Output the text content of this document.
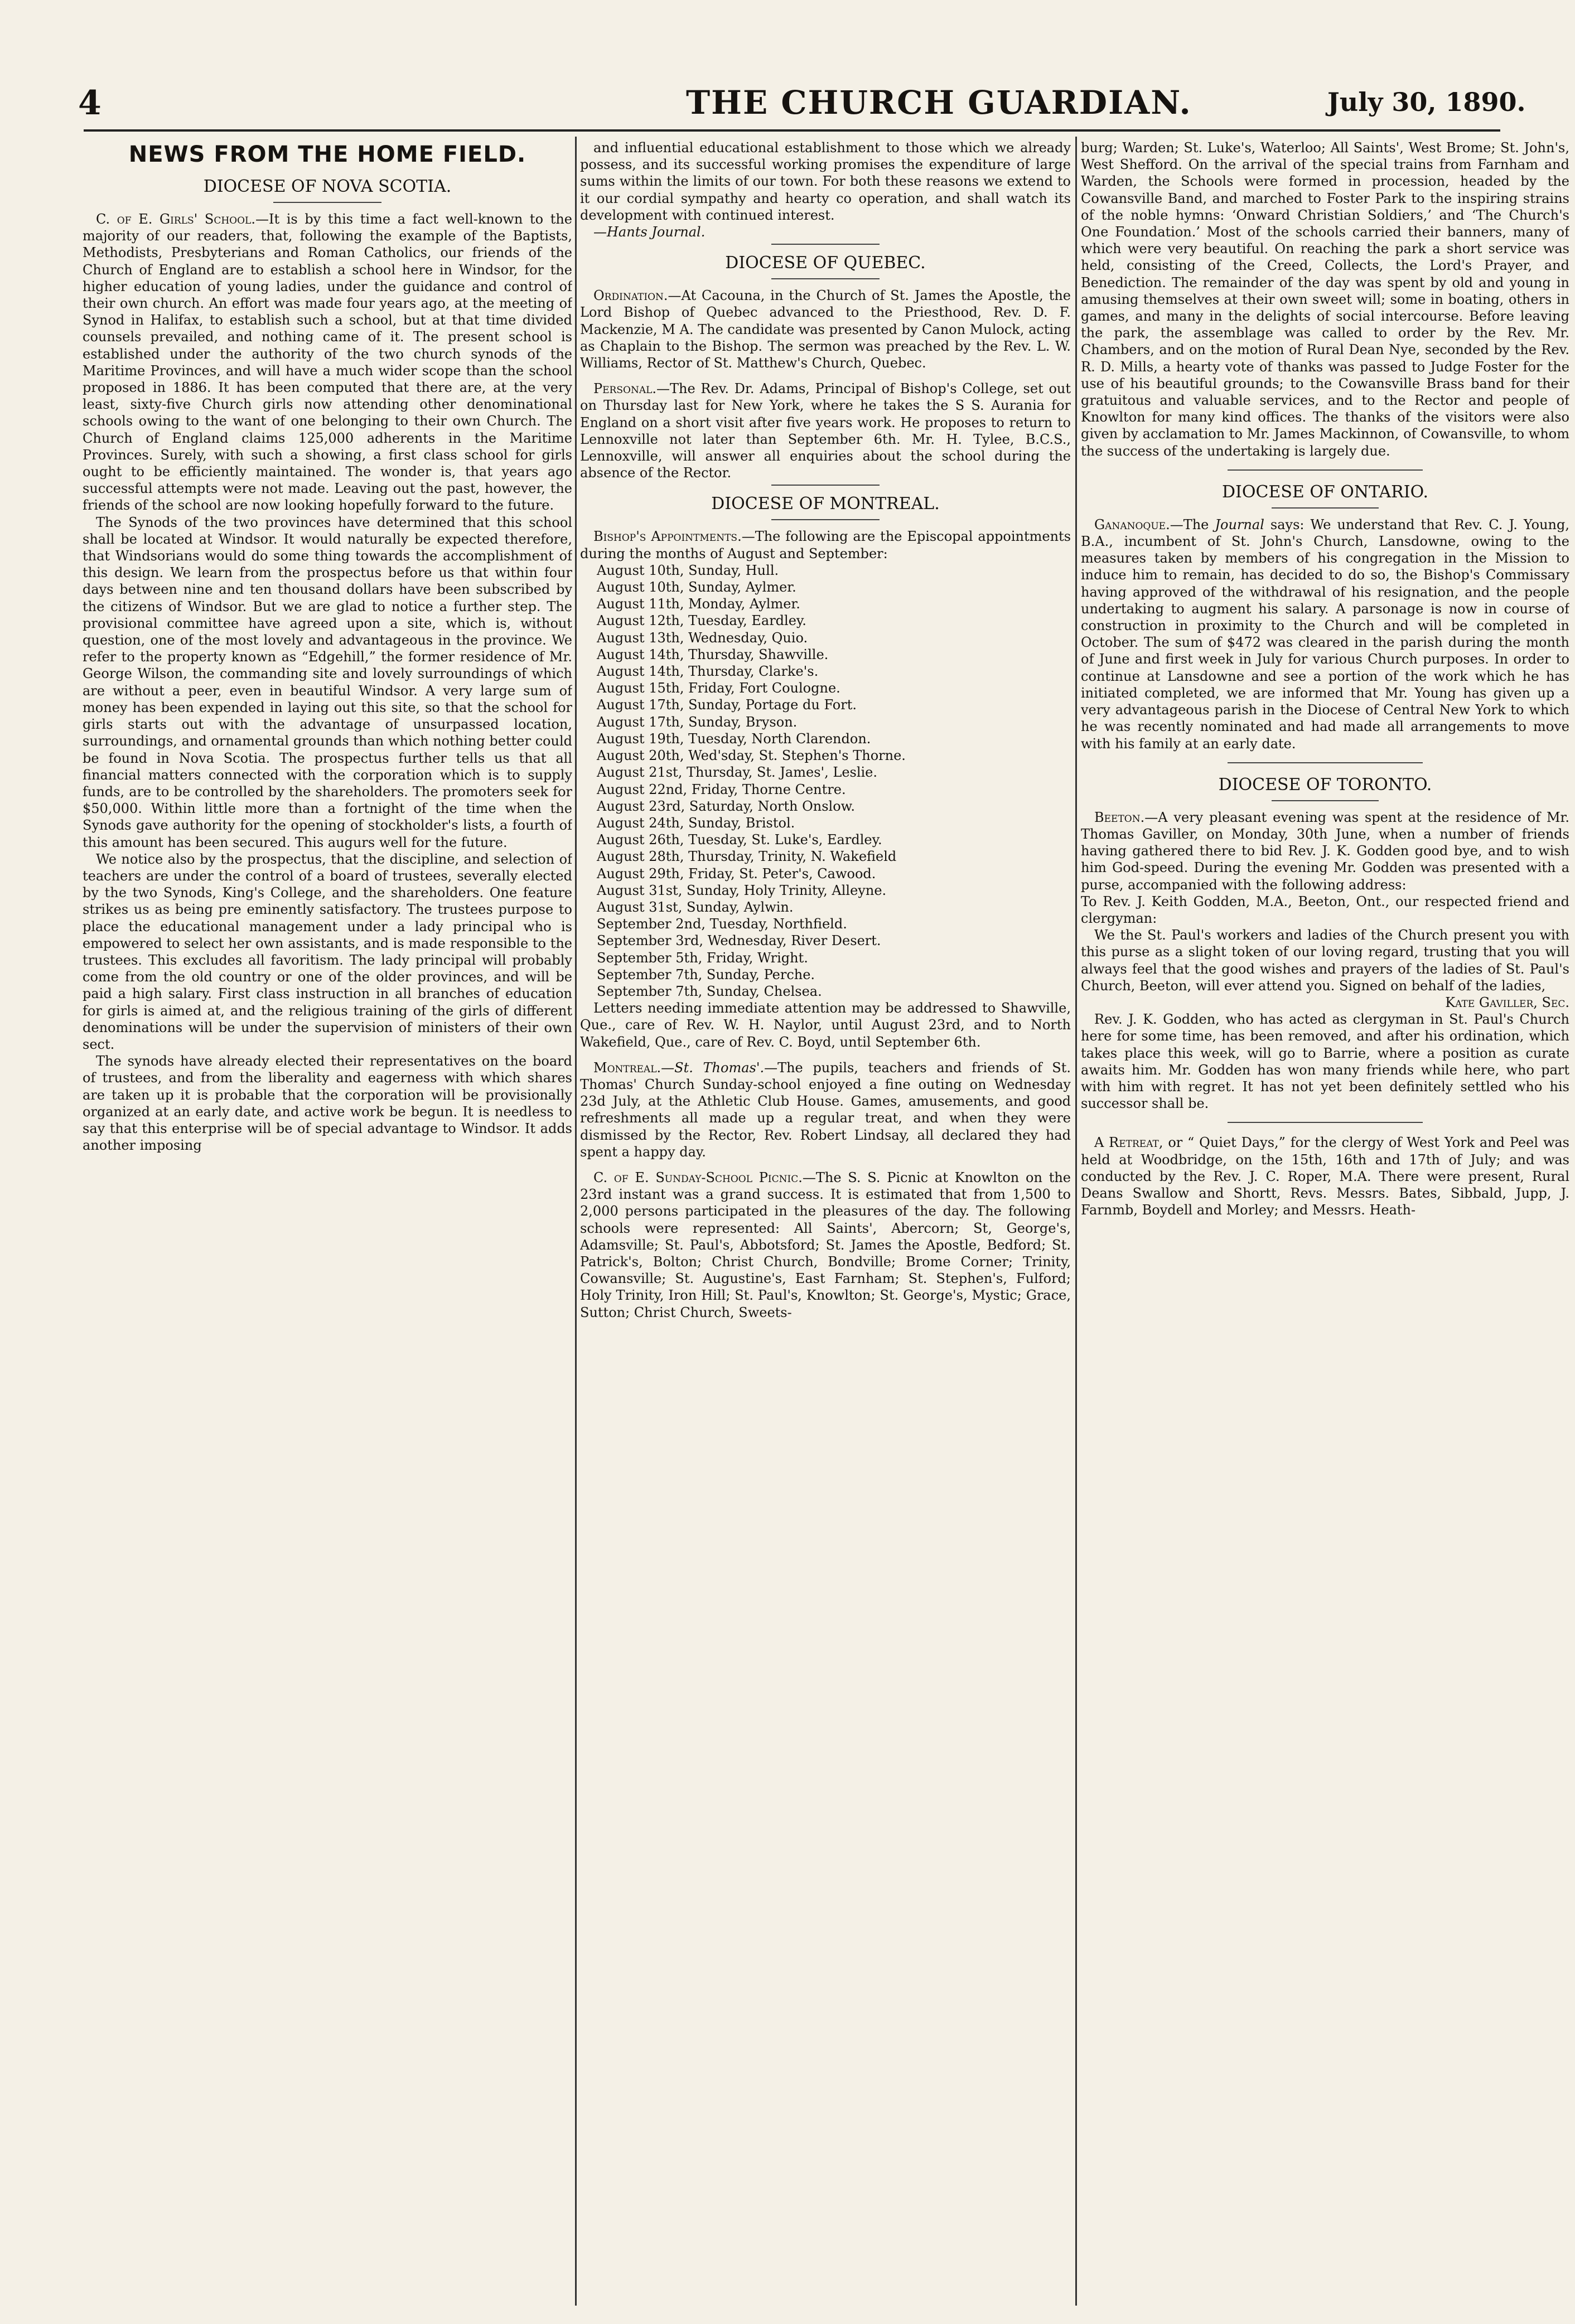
4	THE CHURCH GUARDIAN.	July 30, 1890.
NEWS FROM THE HOME FIELD.
DIOCESE OF NOVA SCOTIA.

C. of E. Girls' School.—It is by this time a fact well-known to the majority of our readers, that, following the example of the Baptists, Methodists, Presbyterians and Roman Catholics, our friends of the Church of England are to establish a school here in Windsor, for the higher education of young ladies, under the guidance and control of their own church. An effort was made four years ago, at the meeting of Synod in Halifax, to establish such a school, but at that time divided counsels prevailed, and nothing came of it. The present school is established under the authority of the two church synods of the Maritime Provinces, and will have a much wider scope than the school proposed in 1886. It has been computed that there are, at the very least, sixty-five Church girls now attending other denominational schools owing to the want of one belonging to their own Church. The Church of England claims 125,000 adherents in the Maritime Provinces. Surely, with such a showing, a first class school for girls ought to be efficiently maintained. The wonder is, that years ago successful attempts were not made. Leaving out the past, however, the friends of the school are now looking hopefully forward to the future.

The Synods of the two provinces have determined that this school shall be located at Windsor. It would naturally be expected therefore, that Windsorians would do some thing towards the accomplishment of this design. We learn from the prospectus before us that within four days between nine and ten thousand dollars have been subscribed by the citizens of Windsor. But we are glad to notice a further step. The provisional committee have agreed upon a site, which is, without question, one of the most lovely and advantageous in the province. We refer to the property known as “Edgehill,” the former residence of Mr. George Wilson, the commanding site and lovely surroundings of which are without a peer, even in beautiful Windsor. A very large sum of money has been expended in laying out this site, so that the school for girls starts out with the advantage of unsurpassed location, surroundings, and ornamental grounds than which nothing better could be found in Nova Scotia. The prospectus further tells us that all financial matters connected with the corporation which is to supply funds, are to be controlled by the shareholders. The promoters seek for $50,000. Within little more than a fortnight of the time when the Synods gave authority for the opening of stockholder's lists, a fourth of this amount has been secured. This augurs well for the future.

We notice also by the prospectus, that the discipline, and selection of teachers are under the control of a board of trustees, severally elected by the two Synods, King's College, and the shareholders. One feature strikes us as being pre eminently satisfactory. The trustees purpose to place the educational management under a lady principal who is empowered to select her own assistants, and is made responsible to the trustees. This excludes all favoritism. The lady principal will probably come from the old country or one of the older provinces, and will be paid a high salary. First class instruction in all branches of education for girls is aimed at, and the religious training of the girls of different denominations will be under the supervision of ministers of their own sect.

The synods have already elected their representatives on the board of trustees, and from the liberality and eagerness with which shares are taken up it is probable that the corporation will be provisionally organized at an early date, and active work be begun. It is needless to say that this enterprise will be of special advantage to Windsor. It adds another imposing

and influential educational establishment to those which we already possess, and its successful working promises the expenditure of large sums within the limits of our town. For both these reasons we extend to it our cordial sympathy and hearty co operation, and shall watch its development with continued interest.

—Hants Journal.

DIOCESE OF QUEBEC.

Ordination.—At Cacouna, in the Church of St. James the Apostle, the Lord Bishop of Quebec advanced to the Priesthood, Rev. D. F. Mackenzie, M A. The candidate was presented by Canon Mulock, acting as Chaplain to the Bishop. The sermon was preached by the Rev. L. W. Williams, Rector of St. Matthew's Church, Quebec.

Personal.—The Rev. Dr. Adams, Principal of Bishop's College, set out on Thursday last for New York, where he takes the S S. Aurania for England on a short visit after five years work. He proposes to return to Lennoxville not later than September 6th. Mr. H. Tylee, B.C.S., Lennoxville, will answer all enquiries about the school during the absence of the Rector.

DIOCESE OF MONTREAL.

Bishop's Appointments.—The following are the Episcopal appointments during the months of August and September:

August 10th, Sunday, Hull.
August 10th, Sunday, Aylmer.
August 11th, Monday, Aylmer.
August 12th, Tuesday, Eardley.
August 13th, Wednesday, Quio.
August 14th, Thursday, Shawville.
August 14th, Thursday, Clarke's.
August 15th, Friday, Fort Coulogne.
August 17th, Sunday, Portage du Fort.
August 17th, Sunday, Bryson.
August 19th, Tuesday, North Clarendon.
August 20th, Wed'sday, St. Stephen's Thorne.
August 21st, Thursday, St. James', Leslie.
August 22nd, Friday, Thorne Centre.
August 23rd, Saturday, North Onslow.
August 24th, Sunday, Bristol.
August 26th, Tuesday, St. Luke's, Eardley.
August 28th, Thursday, Trinity, N. Wakefield
August 29th, Friday, St. Peter's, Cawood.
August 31st, Sunday, Holy Trinity, Alleyne.
August 31st, Sunday, Aylwin.
September 2nd, Tuesday, Northfield.
September 3rd, Wednesday, River Desert.
September 5th, Friday, Wright.
September 7th, Sunday, Perche.
September 7th, Sunday, Chelsea.

Letters needing immediate attention may be addressed to Shawville, Que., care of Rev. W. H. Naylor, until August 23rd, and to North Wakefield, Que., care of Rev. C. Boyd, until September 6th.

Montreal.—St. Thomas'.—The pupils, teachers and friends of St. Thomas' Church Sunday-school enjoyed a fine outing on Wednesday 23d July, at the Athletic Club House. Games, amusements, and good refreshments all made up a regular treat, and when they were dismissed by the Rector, Rev. Robert Lindsay, all declared they had spent a happy day.

C. of E. Sunday-School Picnic.—The S. S. Picnic at Knowlton on the 23rd instant was a grand success. It is estimated that from 1,500 to 2,000 persons participated in the pleasures of the day. The following schools were represented: All Saints', Abercorn; St, George's, Adamsville; St. Paul's, Abbotsford; St. James the Apostle, Bedford; St. Patrick's, Bolton; Christ Church, Bondville; Brome Corner; Trinity, Cowansville; St. Augustine's, East Farnham; St. Stephen's, Fulford; Holy Trinity, Iron Hill; St. Paul's, Knowlton; St. George's, Mystic; Grace, Sutton; Christ Church, Sweets-

burg; Warden; St. Luke's, Waterloo; All Saints', West Brome; St. John's, West Shefford. On the arrival of the special trains from Farnham and Warden, the Schools were formed in procession, headed by the Cowansville Band, and marched to Foster Park to the inspiring strains of the noble hymns: ‘Onward Christian Soldiers,’ and ‘The Church's One Foundation.’ Most of the schools carried their banners, many of which were very beautiful. On reaching the park a short service was held, consisting of the Creed, Collects, the Lord's Prayer, and Benediction. The remainder of the day was spent by old and young in amusing themselves at their own sweet will; some in boating, others in games, and many in the delights of social intercourse. Before leaving the park, the assemblage was called to order by the Rev. Mr. Chambers, and on the motion of Rural Dean Nye, seconded by the Rev. R. D. Mills, a hearty vote of thanks was passed to Judge Foster for the use of his beautiful grounds; to the Cowansville Brass band for their gratuitous and valuable services, and to the Rector and people of Knowlton for many kind offices. The thanks of the visitors were also given by acclamation to Mr. James Mackinnon, of Cowansville, to whom the success of the undertaking is largely due.

DIOCESE OF ONTARIO.

Gananoque.—The Journal says: We understand that Rev. C. J. Young, B.A., incumbent of St. John's Church, Lansdowne, owing to the measures taken by members of his congregation in the Mission to induce him to remain, has decided to do so, the Bishop's Commissary having approved of the withdrawal of his resignation, and the people undertaking to augment his salary. A parsonage is now in course of construction in proximity to the Church and will be completed in October. The sum of $472 was cleared in the parish during the month of June and first week in July for various Church purposes. In order to continue at Lansdowne and see a portion of the work which he has initiated completed, we are informed that Mr. Young has given up a very advantageous parish in the Diocese of Central New York to which he was recently nominated and had made all arrangements to move with his family at an early date.

DIOCESE OF TORONTO.

Beeton.—A very pleasant evening was spent at the residence of Mr. Thomas Gaviller, on Monday, 30th June, when a number of friends having gathered there to bid Rev. J. K. Godden good bye, and to wish him God-speed. During the evening Mr. Godden was presented with a purse, accompanied with the following address:

To Rev. J. Keith Godden, M.A., Beeton, Ont., our respected friend and clergyman:

We the St. Paul's workers and ladies of the Church present you with this purse as a slight token of our loving regard, trusting that you will always feel that the good wishes and prayers of the ladies of St. Paul's Church, Beeton, will ever attend you. Signed on behalf of the ladies,

Kate Gaviller, Sec.

Rev. J. K. Godden, who has acted as clergyman in St. Paul's Church here for some time, has been removed, and after his ordination, which takes place this week, will go to Barrie, where a position as curate awaits him. Mr. Godden has won many friends while here, who part with him with regret. It has not yet been definitely settled who his successor shall be.

A Retreat, or “ Quiet Days,” for the clergy of West York and Peel was held at Woodbridge, on the 15th, 16th and 17th of July; and was conducted by the Rev. J. C. Roper, M.A. There were present, Rural Deans Swallow and Shortt, Revs. Messrs. Bates, Sibbald, Jupp, J. Farnmb, Boydell and Morley; and Messrs. Heath-
